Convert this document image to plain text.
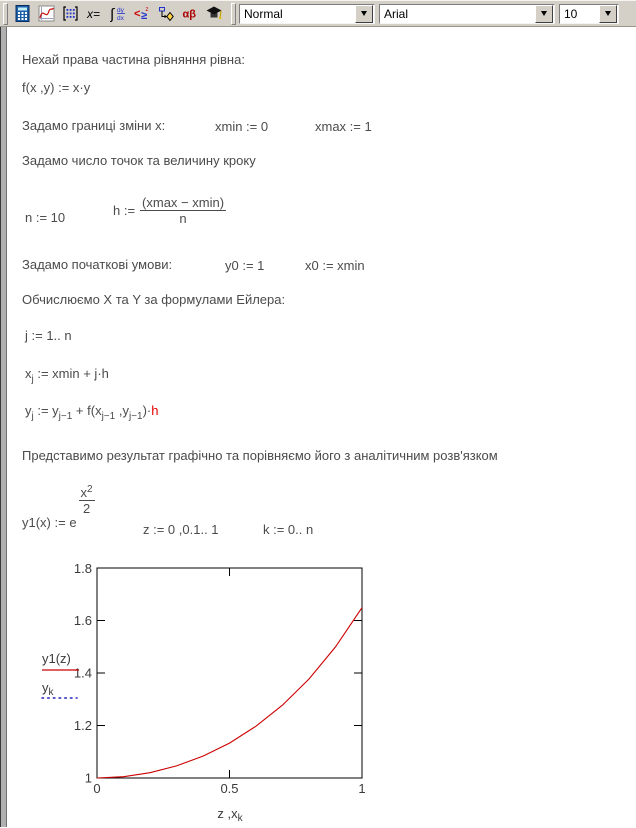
x= ∫ dy
dx < ≥
z	αβ	Normal	Arial	10
Нехай права частина рівняння рівна:
f(x ,y) := x·y
Задамо границі зміни x:	xmin := 0	xmax := 1
Задамо число точок та величину кроку
n := 10	h := $\frac{(xmax - xmin)}{n}$
Задамо початкові умови:	y0 := 1	x0 := xmin
Обчислюємо X та Y за формулами Ейлера:
j := 1.. n
$x_j$ := xmin + j·h
$y_j$ := $y_{j-1} + f(x_{j-1}$ $,y_{j-1})\cdot h$
Представимо результат графічно та порівняємо його з аналітичним розв'язком
y1(x) := e
$\frac{x^2}{2}$
z := 0 ,0.1.. 1	k := 0.. n
1.8
1.6
1.4
1.2
1
0	0.5	1
z $,x_k$
y1(z)
$y_k$
